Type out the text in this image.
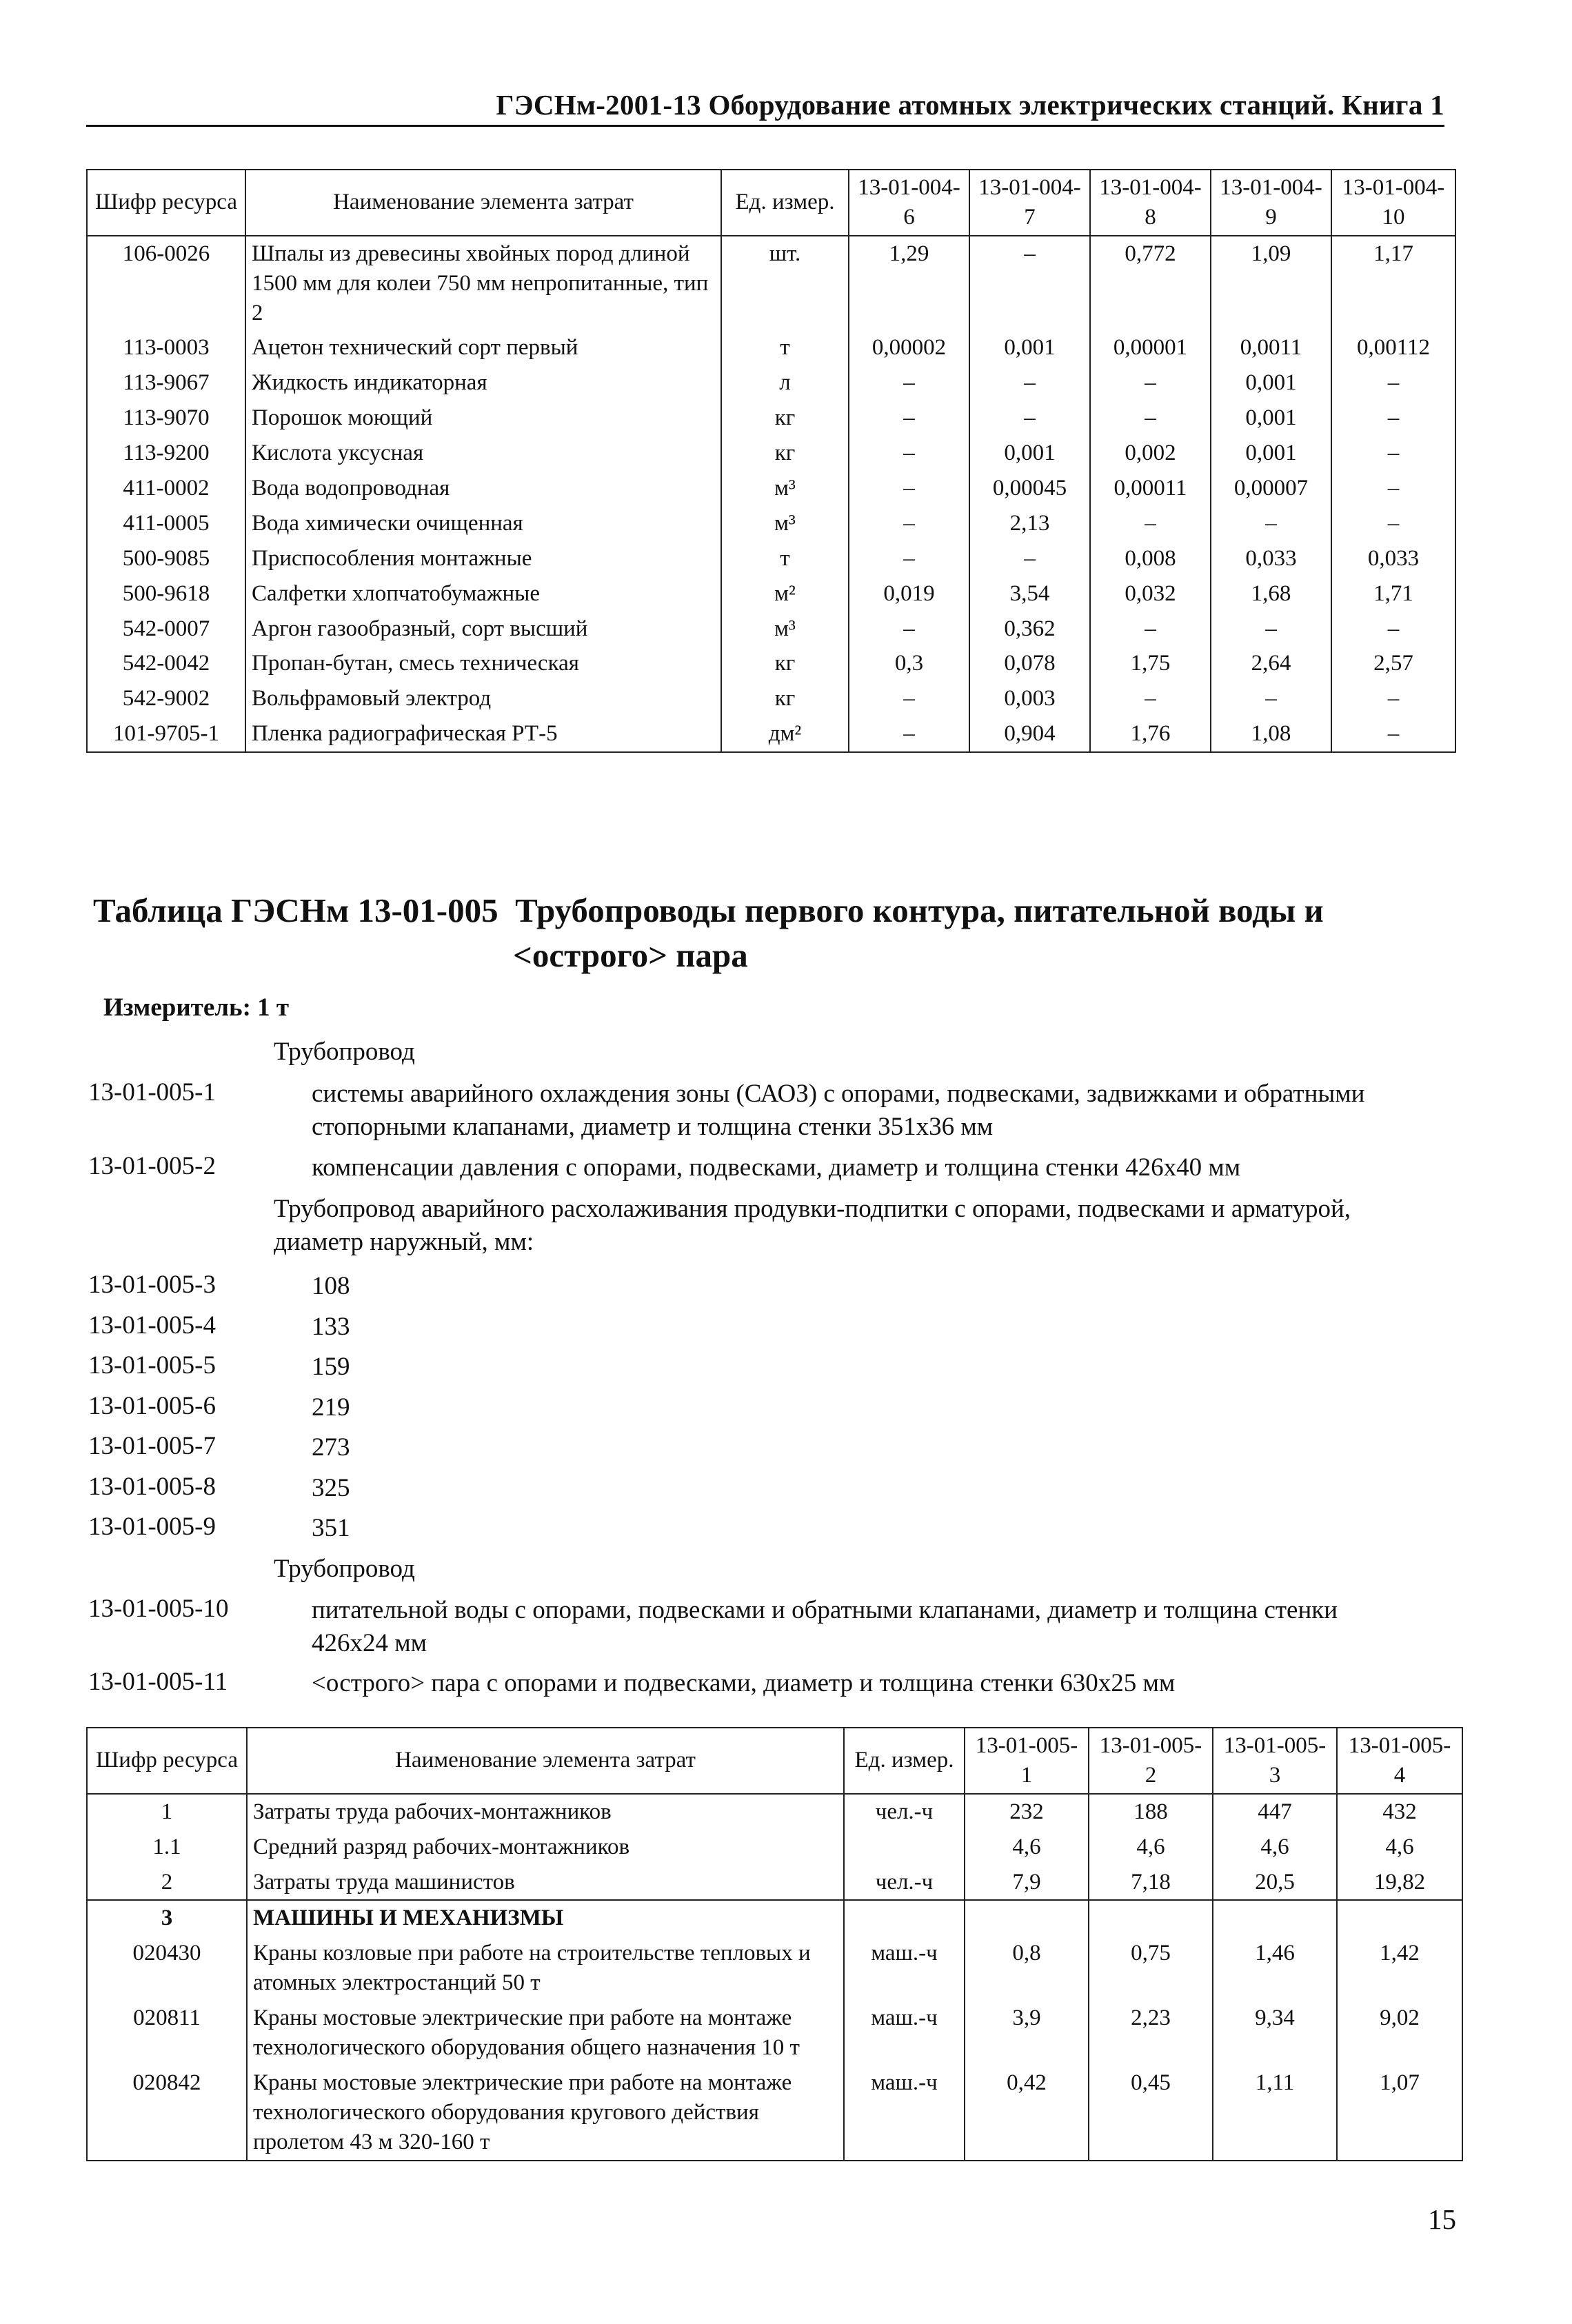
ГЭСНм-2001-13 Оборудование атомных электрических станций. Книга 1
Шифр ресурса	Наименование элемента затрат	Ед. измер.	13-01-004-6	13-01-004-7	13-01-004-8	13-01-004-9	13-01-004-10
106-0026	Шпалы из древесины хвойных пород длиной 1500 мм для колеи 750 мм непропитанные, тип 2	шт.	1,29	–	0,772	1,09	1,17
113-0003	Ацетон технический сорт первый	т	0,00002	0,001	0,00001	0,0011	0,00112
113-9067	Жидкость индикаторная	л	–	–	–	0,001	–
113-9070	Порошок моющий	кг	–	–	–	0,001	–
113-9200	Кислота уксусная	кг	–	0,001	0,002	0,001	–
411-0002	Вода водопроводная	м³	–	0,00045	0,00011	0,00007	–
411-0005	Вода химически очищенная	м³	–	2,13	–	–	–
500-9085	Приспособления монтажные	т	–	–	0,008	0,033	0,033
500-9618	Салфетки хлопчатобумажные	м²	0,019	3,54	0,032	1,68	1,71
542-0007	Аргон газообразный, сорт высший	м³	–	0,362	–	–	–
542-0042	Пропан-бутан, смесь техническая	кг	0,3	0,078	1,75	2,64	2,57
542-9002	Вольфрамовый электрод	кг	–	0,003	–	–	–
101-9705-1	Пленка радиографическая РТ-5	дм²	–	0,904	1,76	1,08	–
Таблица ГЭСНм 13-01-005 Трубопроводы первого контура, питательной воды и
<острого> пара
Измеритель: 1 т
Трубопровод
13-01-005-1	системы аварийного охлаждения зоны (САОЗ) с опорами, подвесками, задвижками и обратными стопорными клапанами, диаметр и толщина стенки 351х36 мм
13-01-005-2	компенсации давления с опорами, подвесками, диаметр и толщина стенки 426х40 мм
Трубопровод аварийного расхолаживания продувки-подпитки с опорами, подвесками и арматурой, диаметр наружный, мм:
13-01-005-3	108
13-01-005-4	133
13-01-005-5	159
13-01-005-6	219
13-01-005-7	273
13-01-005-8	325
13-01-005-9	351
Трубопровод
13-01-005-10	питательной воды с опорами, подвесками и обратными клапанами, диаметр и толщина стенки 426х24 мм
13-01-005-11	<острого> пара с опорами и подвесками, диаметр и толщина стенки 630х25 мм
Шифр ресурса	Наименование элемента затрат	Ед. измер.	13-01-005-1	13-01-005-2	13-01-005-3	13-01-005-4
1	Затраты труда рабочих-монтажников	чел.-ч	232	188	447	432
1.1	Средний разряд рабочих-монтажников		4,6	4,6	4,6	4,6
2	Затраты труда машинистов	чел.-ч	7,9	7,18	20,5	19,82
3	МАШИНЫ И МЕХАНИЗМЫ					
020430	Краны козловые при работе на строительстве тепловых и атомных электростанций 50 т	маш.-ч	0,8	0,75	1,46	1,42
020811	Краны мостовые электрические при работе на монтаже технологического оборудования общего назначения 10 т	маш.-ч	3,9	2,23	9,34	9,02
020842	Краны мостовые электрические при работе на монтаже технологического оборудования кругового действия пролетом 43 м 320-160 т	маш.-ч	0,42	0,45	1,11	1,07
15
